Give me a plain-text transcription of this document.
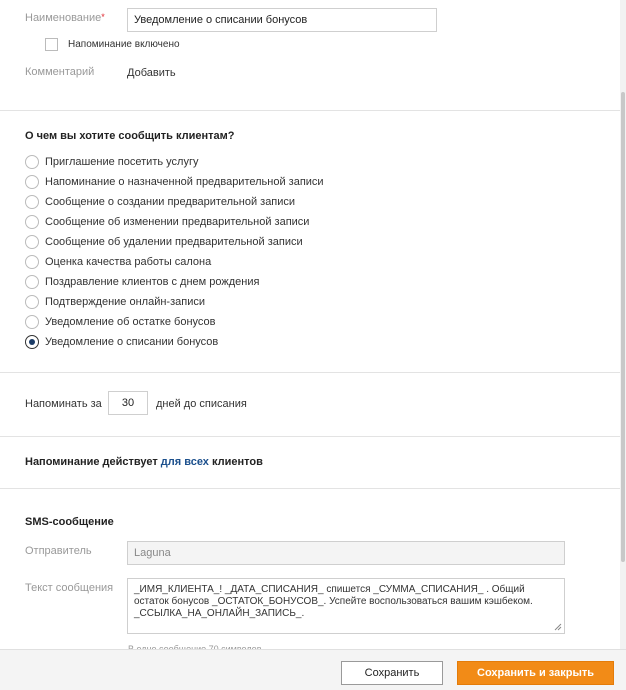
Наименование*	Уведомление о списании бонусов
Напоминание включено
Комментарий	Добавить
О чем вы хотите сообщить клиентам?
Приглашение посетить услугу
Напоминание о назначенной предварительной записи
Сообщение о создании предварительной записи
Сообщение об изменении предварительной записи
Сообщение об удалении предварительной записи
Оценка качества работы салона
Поздравление клиентов с днем рождения
Подтверждение онлайн-записи
Уведомление об остатке бонусов
Уведомление о списании бонусов
Напоминать за	30	дней до списания
Напоминание действует для всех клиентов
SMS-сообщение
Отправитель	Laguna
Текст сообщения	_ИМЯ_КЛИЕНТА_! _ДАТА_СПИСАНИЯ_ спишется _СУММА_СПИСАНИЯ_ . Общий остаток бонусов _ОСТАТОК_БОНУСОВ_. Успейте воспользоваться вашим кэшбеком. _ССЫЛКА_НА_ОНЛАЙН_ЗАПИСЬ_.
Сохранить	Сохранить и закрыть
